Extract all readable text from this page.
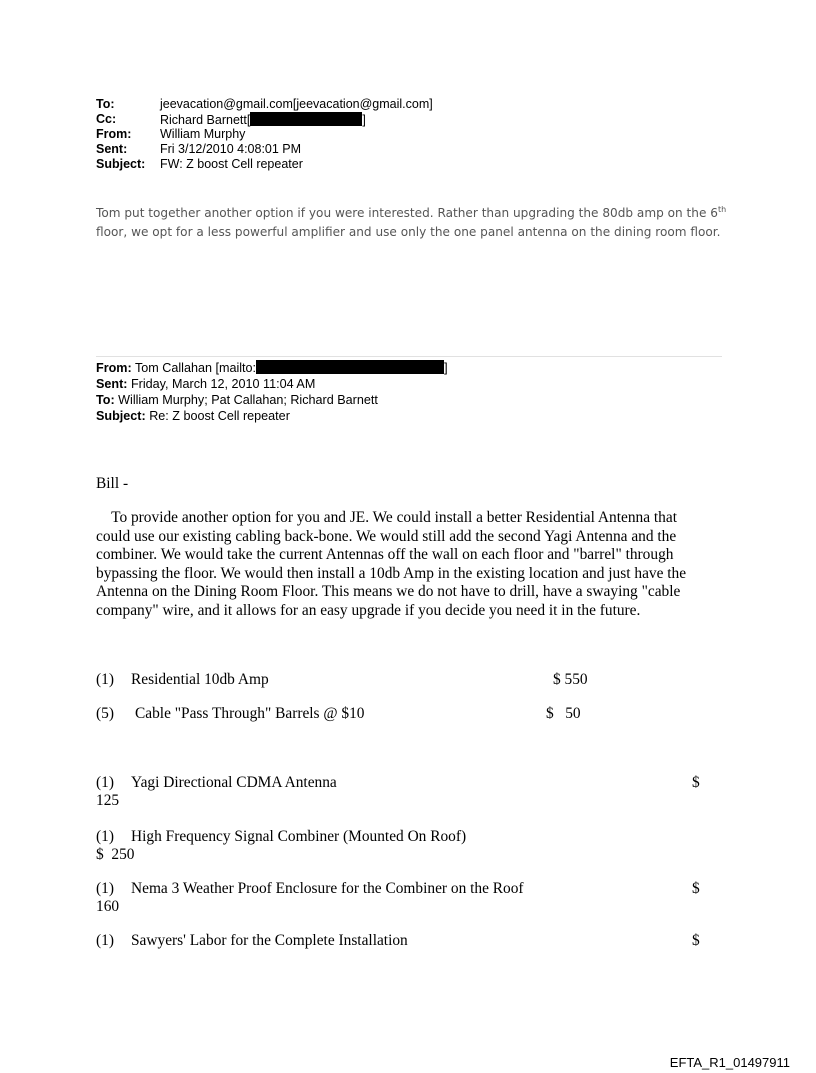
To:	jeevacation@gmail.com[jeevacation@gmail.com]
Cc:	Richard Barnett[	]
From: William Murphy
Sent:	Fri 3/12/2010 4:08:01 PM
Subject: FW: Z boost Cell repeater

Tom put together another option if you were interested. Rather than upgrading the 80db amp on the 6th

floor, we opt for a less powerful amplifier and use only the one panel antenna on the dining room floor.

From: Tom Callahan [mailto:	]
Sent: Friday, March 12, 2010 11:04 AM
To: William Murphy; Pat Callahan; Richard Barnett
Subject: Re: Z boost Cell repeater
Bill -
To provide another option for you and JE. We could install a better Residential Antenna that
could use our existing cabling back-bone. We would still add the second Yagi Antenna and the
combiner. We would take the current Antennas off the wall on each floor and "barrel" through
bypassing the floor. We would then install a 10db Amp in the existing location and just have the
Antenna on the Dining Room Floor. This means we do not have to drill, have a swaying "cable
company" wire, and it allows for an easy upgrade if you decide you need it in the future.
(1) Residential 10db Amp	$ 550
(5) Cable "Pass Through" Barrels @ $10	$   50
(1) Yagi Directional CDMA Antenna	$
125
(1) High Frequency Signal Combiner (Mounted On Roof)
$  250
(1) Nema 3 Weather Proof Enclosure for the Combiner on the Roof	$
160
(1) Sawyers' Labor for the Complete Installation	$
EFTA_R1_01497911
